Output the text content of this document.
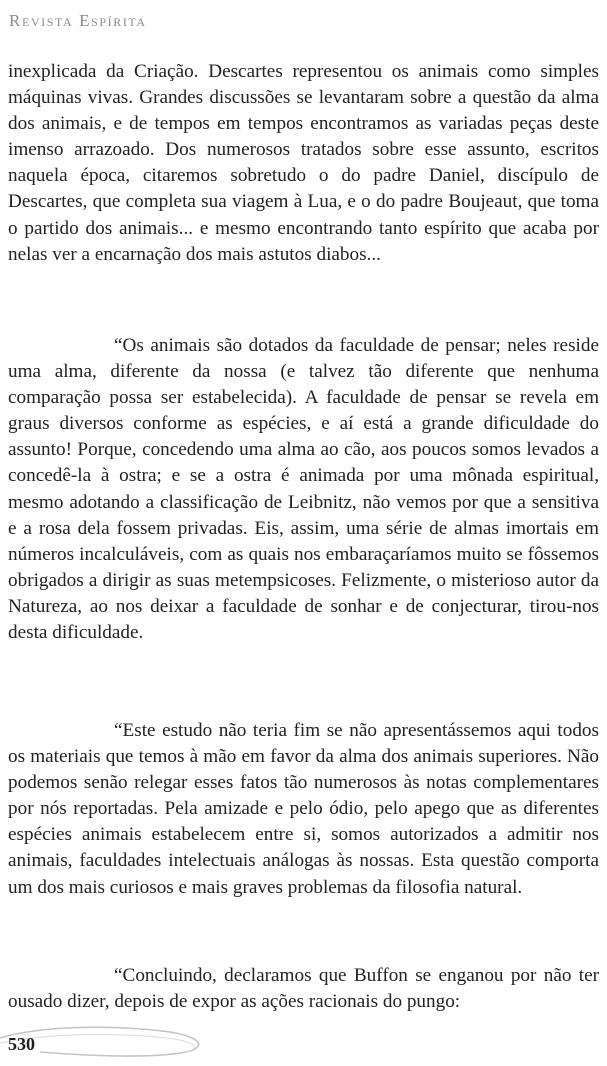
Revista Espírita

inexplicada da Criação. Descartes representou os animais como simples máquinas vivas. Grandes discussões se levantaram sobre a questão da alma dos animais, e de tempos em tempos encontramos as variadas peças deste imenso arrazoado. Dos numerosos tratados sobre esse assunto, escritos naquela época, citaremos sobretudo o do padre Daniel, discípulo de Descartes, que completa sua viagem à Lua, e o do padre Boujeaut, que toma o partido dos animais... e mesmo encontrando tanto espírito que acaba por nelas ver a encarnação dos mais astutos diabos...

“Os animais são dotados da faculdade de pensar; neles reside uma alma, diferente da nossa (e talvez tão diferente que nenhuma comparação possa ser estabelecida). A faculdade de pensar se revela em graus diversos conforme as espécies, e aí está a grande dificuldade do assunto! Porque, concedendo uma alma ao cão, aos poucos somos levados a concedê-la à ostra; e se a ostra é animada por uma mônada espiritual, mesmo adotando a classificação de Leibnitz, não vemos por que a sensitiva e a rosa dela fossem privadas. Eis, assim, uma série de almas imortais em números incalculáveis, com as quais nos embaraçaríamos muito se fôssemos obrigados a dirigir as suas metempsicoses. Felizmente, o misterioso autor da Natureza, ao nos deixar a faculdade de sonhar e de conjecturar, tirou-nos desta dificuldade.

“Este estudo não teria fim se não apresentássemos aqui todos os materiais que temos à mão em favor da alma dos animais superiores. Não podemos senão relegar esses fatos tão numerosos às notas complementares por nós reportadas. Pela amizade e pelo ódio, pelo apego que as diferentes espécies animais estabelecem entre si, somos autorizados a admitir nos animais, faculdades intelectuais análogas às nossas. Esta questão comporta um dos mais curiosos e mais graves problemas da filosofia natural.

“Concluindo, declaramos que Buffon se enganou por não ter ousado dizer, depois de expor as ações racionais do pungo:

530
